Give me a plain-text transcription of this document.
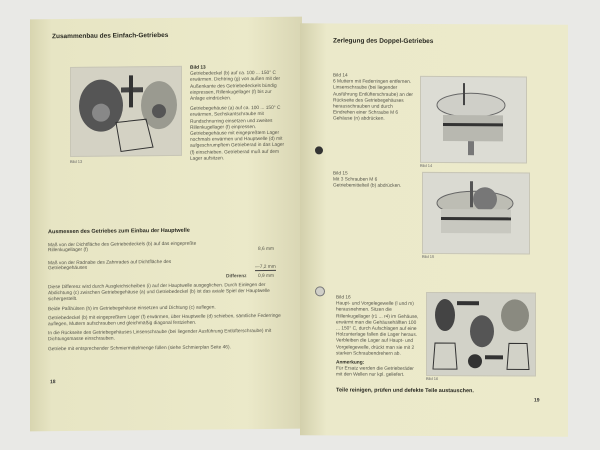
Zusammenbau des Einfach-Getriebes
Bild 13
Bild 13
Getriebedeckel (b) auf ca. 100 ... 150° C erwärmen. Dichtring (g) von außen mit der Außenkante des Getriebedeckels bündig einpressen, Rillenkugellager (f) bis zur Anlage eindrücken.
Getriebegehäuse (a) auf ca. 100 ... 150° C erwärmen, Sechskantschraube mit Rundschnurring einsetzen und zweites Rillenkugellager (f) einpressen. Getriebegehäuse mit eingepreßtem Lager nochmals erwärmen und Hauptwelle (d) mit aufgeschrumpftem Getrieberad in das Lager (f) einschieben. Getrieberad muß auf dem Lager aufsitzen.
Ausmessen des Getriebes zum Einbau der Hauptwelle
Maß von der Dichtfläche des Getriebedeckels (b) auf das eingepreßte Rillenkugellager (f)	8,6 mm
Maß von der Radnabe des Zahnrades auf Dichtfläche des Getriebegehäuses	—7,2 mm
Differenz 0,9 mm
Diese Differenz wird durch Ausgleichscheiben (i) auf der Hauptwelle ausgeglichen. Durch Einlegen der Abdichtung (c) zwischen Getriebegehäuse (a) und Getriebedeckel (b) ist das axiale Spiel der Hauptwelle sichergestellt.
Beide Paßhülsen (h) im Getriebegehäuse einsetzen und Dichtung (c) auflegen.
Getriebedeckel (b) mit eingepreßtem Lager (f) erwärmen, über Hauptwelle (d) schieben, sämtliche Federringe auflegen, Muttern aufschrauben und gleichmäßig diagonal festziehen.
In die Rückseite des Getriebegehäuses Linsenschraube (bei liegender Ausführung Entlüfterschraube) mit Dichtungsmasse einschrauben.
Getriebe mit entsprechender Schmiermittelmenge füllen (siehe Schmierplan Seite 46).
18
Zerlegung des Doppel-Getriebes
Bild 14
6 Muttern mit Federringen entfernen. Linsenschraube (bei liegender Ausführung Entlüfterschraube) an der Rückseite des Getriebegehäuses herausschrauben und durch Eindrehen einer Schraube M 6 Gehäuse (n) abdrücken.
Bild 14
Bild 15
Mit 3 Schrauben M 6 Getriebemittelteil (b) abdrücken.
Bild 15
Bild 16
Haupt- und Vorgelegewelle (l und m) herausnehmen. Sitzen die Rillenkugellager (r1 ... r4) im Gehäuse, erwärmt man die Gehäusehälften 100 ... 150° C, durch Aufschlagen auf eine Holzunterlage fallen die Lager heraus. Verbleiben die Lager auf Haupt- und Vorgelegewelle, drückt man sie mit 2 starken Schraubendrehern ab.
Anmerkung:
Für Ersatz werden die Getrieberäder mit den Wellen nur kpl. geliefert.
Bild 16
Teile reinigen, prüfen und defekte Teile austauschen.
19
